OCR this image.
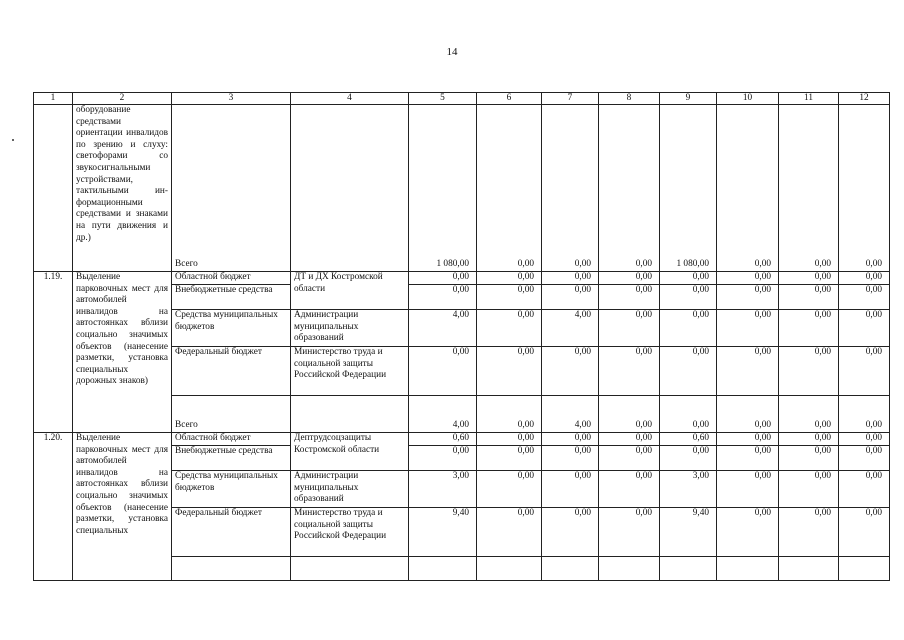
14
1	2	3	4	5	6	7	8	9	10	11	12
	оборудование средствами ориентации инвалидов по зрению и слуху: светофорами со звукосигнальными устройствами, тактильными ин-формационными средствами и знаками на пути движения и др.)	Всего		1 080,00	0,00	0,00	0,00	1 080,00	0,00	0,00	0,00
1.19.	Выделение парковочных мест для автомобилей инвалидов на автостоянках вблизи социально значимых объектов (нанесение разметки, установка специальных дорожных знаков)	Областной бюджет	ДТ и ДХ Костромской области	0,00	0,00	0,00	0,00	0,00	0,00	0,00	0,00
		Внебюджетные средства		0,00	0,00	0,00	0,00	0,00	0,00	0,00	0,00
		Средства муниципальных бюджетов	Администрации муниципальных образований	4,00	0,00	4,00	0,00	0,00	0,00	0,00	0,00
		Федеральный бюджет	Министерство труда и социальной защиты Российской Федерации	0,00	0,00	0,00	0,00	0,00	0,00	0,00	0,00
		Всего		4,00	0,00	4,00	0,00	0,00	0,00	0,00	0,00
1.20.	Выделение парковочных мест для автомобилей инвалидов на автостоянках вблизи социально значимых объектов (нанесение разметки, установка специальных	Областной бюджет	Дептрудсоцзащиты Костромской области	0,60	0,00	0,00	0,00	0,60	0,00	0,00	0,00
		Внебюджетные средства		0,00	0,00	0,00	0,00	0,00	0,00	0,00	0,00
		Средства муниципальных бюджетов	Администрации муниципальных образований	3,00	0,00	0,00	0,00	3,00	0,00	0,00	0,00
		Федеральный бюджет	Министерство труда и социальной защиты Российской Федерации	9,40	0,00	0,00	0,00	9,40	0,00	0,00	0,00
